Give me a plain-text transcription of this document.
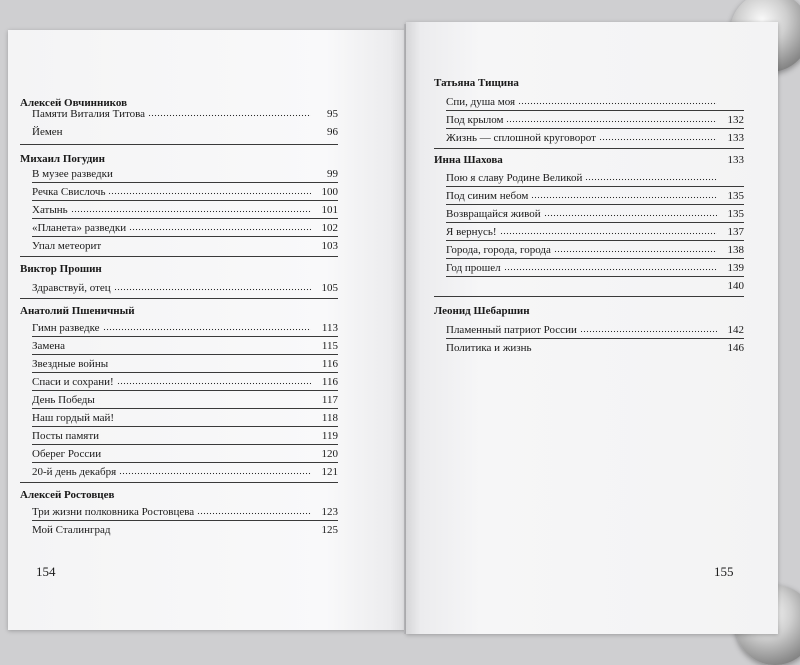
Алексей Овчинников
Памяти Виталия Титова	95
Йемен	96
Михаил Погудин
В музее разведки	99
Речка Свислочь	100
Хатынь	101
«Планета» разведки	102
Упал метеорит	103
Виктор Прошин
Здравствуй, отец	105
Анатолий Пшеничный
Гимн разведке	113
Замена	115
Звездные войны	116
Спаси и сохрани!	116
День Победы	117
Наш гордый май!	118
Посты памяти	119
Оберег России	120
20-й день декабря	121
Алексей Ростовцев
Три жизни полковника Ростовцева	123
Мой Сталинград	125
154
Татьяна Тищина
Спи, душа моя
Под крылом	132
Жизнь — сплошной круговорот	133
Инна Шахова	133
Пою я славу Родине Великой
Под синим небом	135
Возвращайся живой	135
Я вернусь!	137
Города, города, города	138
Год прошел	139
140
Леонид Шебаршин
Пламенный патриот России	142
Политика и жизнь	146
155
